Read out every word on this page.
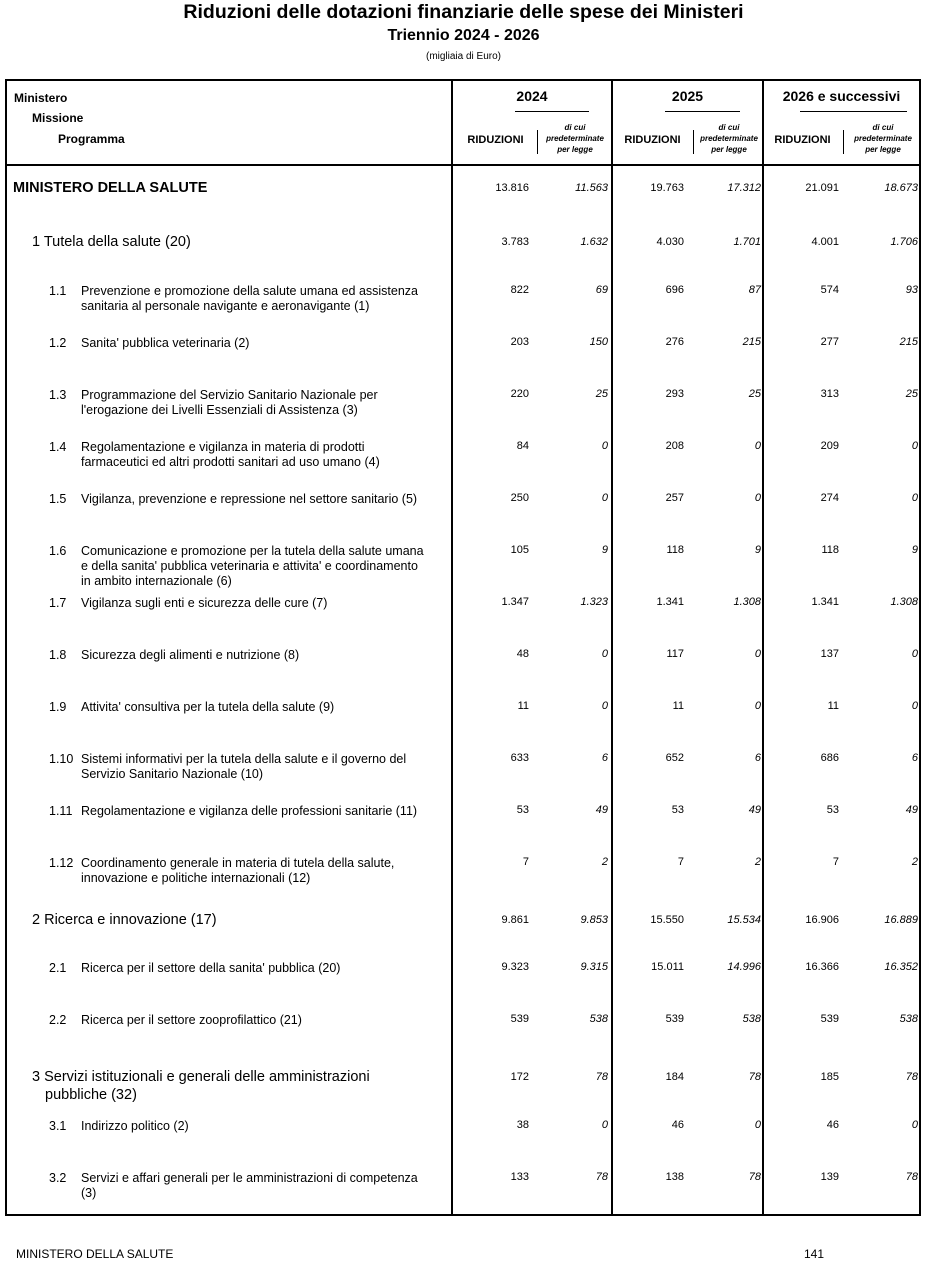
Riduzioni delle dotazioni finanziarie delle spese dei Ministeri
Triennio 2024 - 2026
(migliaia di Euro)
Ministero
Missione
Programma
2024
RIDUZIONI
di cui
predeterminate
per legge
2025
RIDUZIONI
di cui
predeterminate
per legge
2026 e successivi
RIDUZIONI
di cui
predeterminate
per legge
MINISTERO DELLA SALUTE	13.816	11.563	19.763	17.312	21.091	18.673
1 Tutela della salute (20)	3.783	1.632	4.030	1.701	4.001	1.706
1.1 Prevenzione e promozione della salute umana ed assistenza
sanitaria al personale navigante e aeronavigante (1)
822	69	696	87	574	93
1.2 Sanita' pubblica veterinaria (2)	203	150	276	215	277	215
1.3 Programmazione del Servizio Sanitario Nazionale per
l'erogazione dei Livelli Essenziali di Assistenza (3)
220	25	293	25	313	25
1.4 Regolamentazione e vigilanza in materia di prodotti
farmaceutici ed altri prodotti sanitari ad uso umano (4)
84	0	208	0	209	0
1.5 Vigilanza, prevenzione e repressione nel settore sanitario (5)	250	0	257	0	274	0
1.6 Comunicazione e promozione per la tutela della salute umana
e della sanita' pubblica veterinaria e attivita' e coordinamento
in ambito internazionale (6)
105	9	118	9	118	9
1.7 Vigilanza sugli enti e sicurezza delle cure (7)	1.347	1.323	1.341	1.308	1.341	1.308
1.8 Sicurezza degli alimenti e nutrizione (8)	48	0	117	0	137	0
1.9 Attivita' consultiva per la tutela della salute (9)	11	0	11	0	11	0
1.10 Sistemi informativi per la tutela della salute e il governo del
Servizio Sanitario Nazionale (10)
633	6	652	6	686	6
1.11 Regolamentazione e vigilanza delle professioni sanitarie (11)	53	49	53	49	53	49
1.12 Coordinamento generale in materia di tutela della salute,
innovazione e politiche internazionali (12)
7	2	7	2	7	2
2 Ricerca e innovazione (17)	9.861	9.853	15.550	15.534	16.906	16.889
2.1 Ricerca per il settore della sanita' pubblica (20)	9.323	9.315	15.011	14.996	16.366	16.352
2.2 Ricerca per il settore zooprofilattico (21)	539	538	539	538	539	538
3 Servizi istituzionali e generali delle amministrazioni
pubbliche (32)
172	78	184	78	185	78
3.1 Indirizzo politico (2)	38	0	46	0	46	0
3.2 Servizi e affari generali per le amministrazioni di competenza
(3)
133	78	138	78	139	78
MINISTERO DELLA SALUTE	141
